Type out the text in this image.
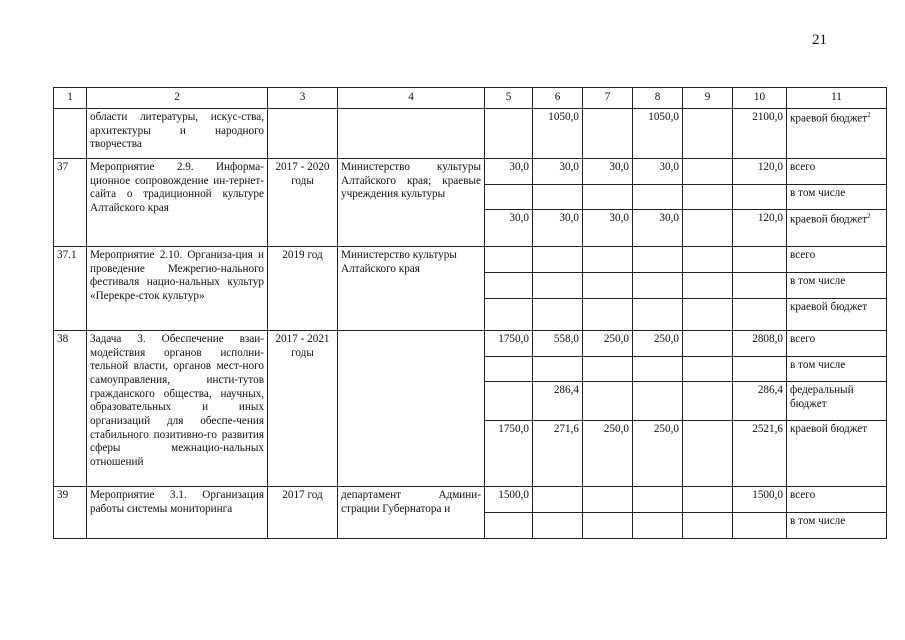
21
1	2	3	4	5	6	7	8	9	10	11
	области литературы, искус-ства, архитектуры и народного творчества				1050,0		1050,0		2100,0	краевой бюджет$^2$
37	Мероприятие 2.9. Информа-ционное сопровождение ин-тернет-сайта о традиционной культуре Алтайского края	2017 - 2020 годы	Министерство культуры Алтайского края; краевые учреждения культуры	30,0	30,0	30,0	30,0		120,0	всего
										в том числе
				30,0	30,0	30,0	30,0		120,0	краевой бюджет$^2$
37.1	Мероприятие 2.10. Организа-ция и проведение Межрегио-нального фестиваля нацио-нальных культур «Перекре-сток культур»	2019 год	Министерство культуры Алтайского края							всего
										в том числе
										краевой бюджет
38	Задача 3. Обеспечение взаи-модействия органов исполни-тельной власти, органов мест-ного самоуправления, инсти-тутов гражданского общества, научных, образовательных и иных организаций для обеспе-чения стабильного позитивно-го развития сферы межнацио-нальных отношений	2017 - 2021 годы		1750,0	558,0	250,0	250,0		2808,0	всего
										в том числе
					286,4				286,4	федеральный бюджет
				1750,0	271,6	250,0	250,0		2521,6	краевой бюджет
39	Мероприятие 3.1. Организация работы системы мониторинга	2017 год	департамент Админи-страции Губернатора и	1500,0					1500,0	всего
										в том числе
